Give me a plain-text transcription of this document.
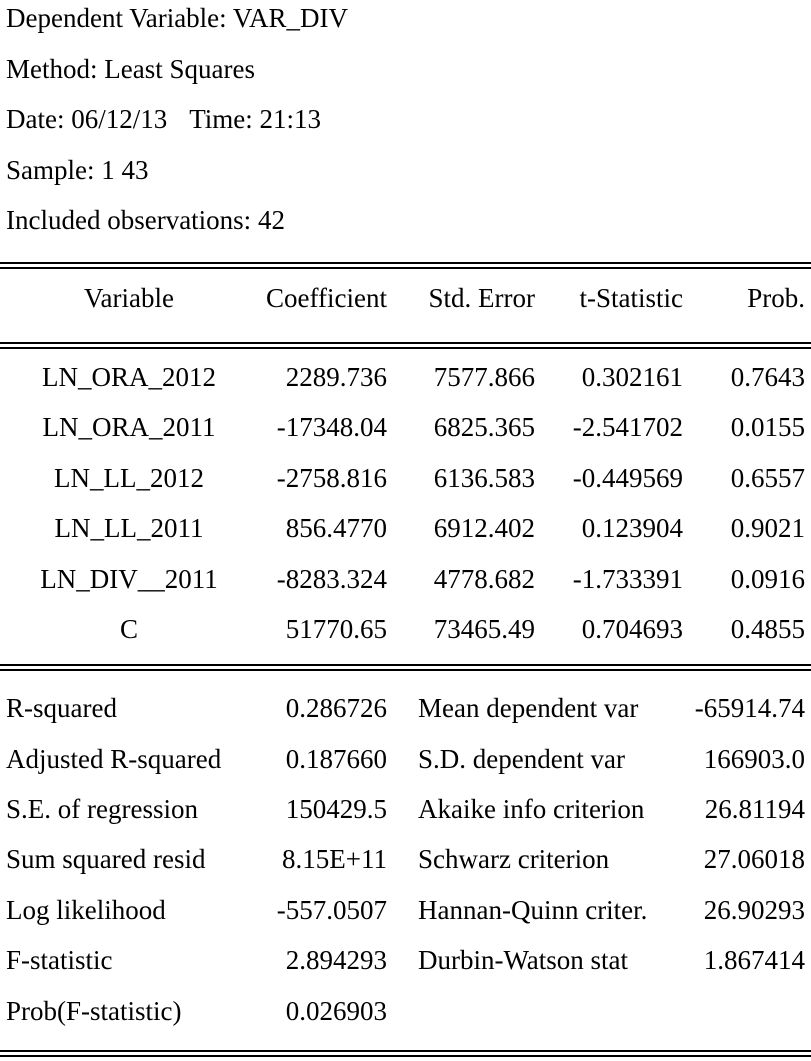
Dependent Variable: VAR_DIV
Method: Least Squares
Date: 06/12/13 Time: 21:13
Sample: 1 43
Included observations: 42
Variable	Coefficient Std. Error t-Statistic Prob.
LN_ORA_2012	2289.736 7577.866 0.302161 0.7643
LN_ORA_2011	-17348.04 6825.365 -2.541702 0.0155
LN_LL_2012	-2758.816 6136.583 -0.449569 0.6557
LN_LL_2011	856.4770 6912.402 0.123904 0.9021
LN_DIV__2011	-8283.324 4778.682 -1.733391 0.0916
C	51770.65 73465.49 0.704693 0.4855
R-squared	0.286726 Mean dependent var -65914.74
Adjusted R-squared 0.187660 S.D. dependent var	166903.0
S.E. of regression	150429.5 Akaike info criterion 26.81194
Sum squared resid	8.15E+11 Schwarz criterion	27.06018
Log likelihood	-557.0507 Hannan-Quinn criter. 26.90293
F-statistic	2.894293 Durbin-Watson stat	1.867414
Prob(F-statistic)	0.026903
